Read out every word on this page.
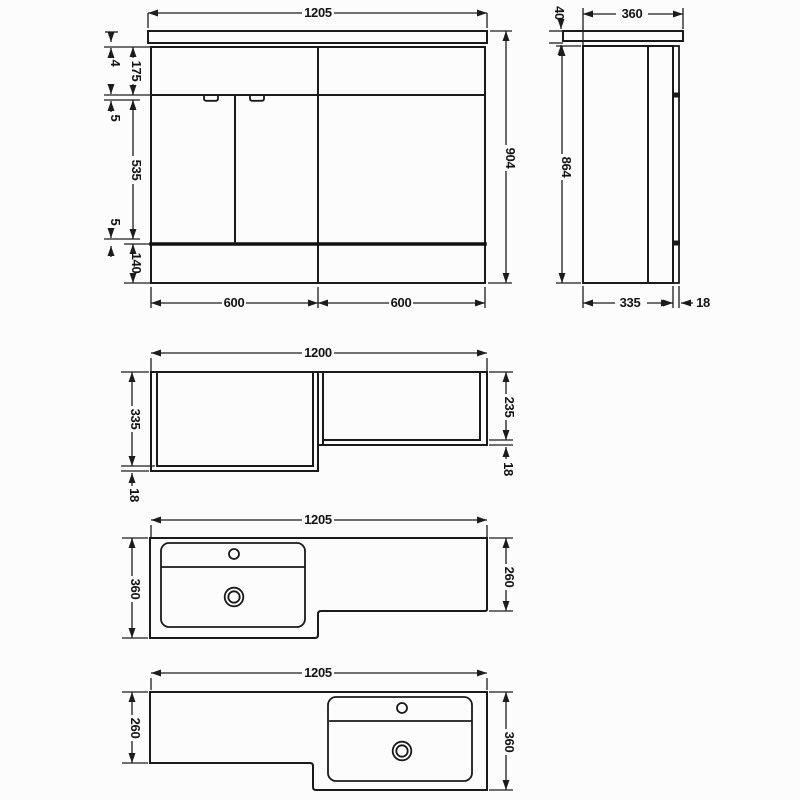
1205
904
4 175
5
535
5
140
600	600
40	360
864
335	18
1200
335
18
235
18
1205
360
260
1205
260
360
